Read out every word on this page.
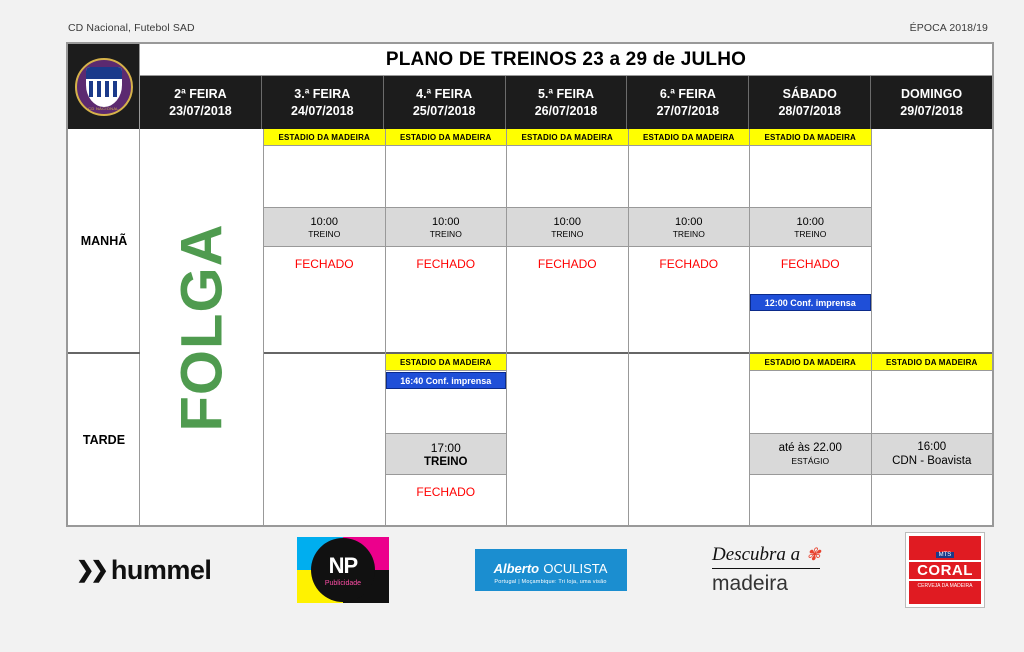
CD Nacional, Futebol SAD	ÉPOCA 2018/19
CD NACIONAL
PLANO DE TREINOS 23 a 29 de JULHO
2ª FEIRA
23/07/2018
3.ª FEIRA
24/07/2018
4.ª FEIRA
25/07/2018
5.ª FEIRA
26/07/2018
6.ª FEIRA
27/07/2018
SÁBADO
28/07/2018
DOMINGO
29/07/2018
MANHÃ
TARDE
FOLGA
ESTADIO DA MADEIRA
10:00
TREINO
FECHADO
ESTADIO DA MADEIRA
10:00
TREINO
FECHADO
ESTADIO DA MADEIRA
16:40 Conf. imprensa
17:00
TREINO
FECHADO
ESTADIO DA MADEIRA
10:00
TREINO
FECHADO
ESTADIO DA MADEIRA
10:00
TREINO
FECHADO
ESTADIO DA MADEIRA
10:00
TREINO
FECHADO
12:00 Conf. imprensa
ESTADIO DA MADEIRA
até às 22.00
ESTÁGIO
ESTADIO DA MADEIRA
16:00
CDN - Boavista
❯❯ hummel	NP
Publicidade
Alberto OCULISTA
Portugal | Moçambique: Tri loja, uma visão
Descubra a ✾
madeira
MTS
CORAL
CERVEJA DA MADEIRA
